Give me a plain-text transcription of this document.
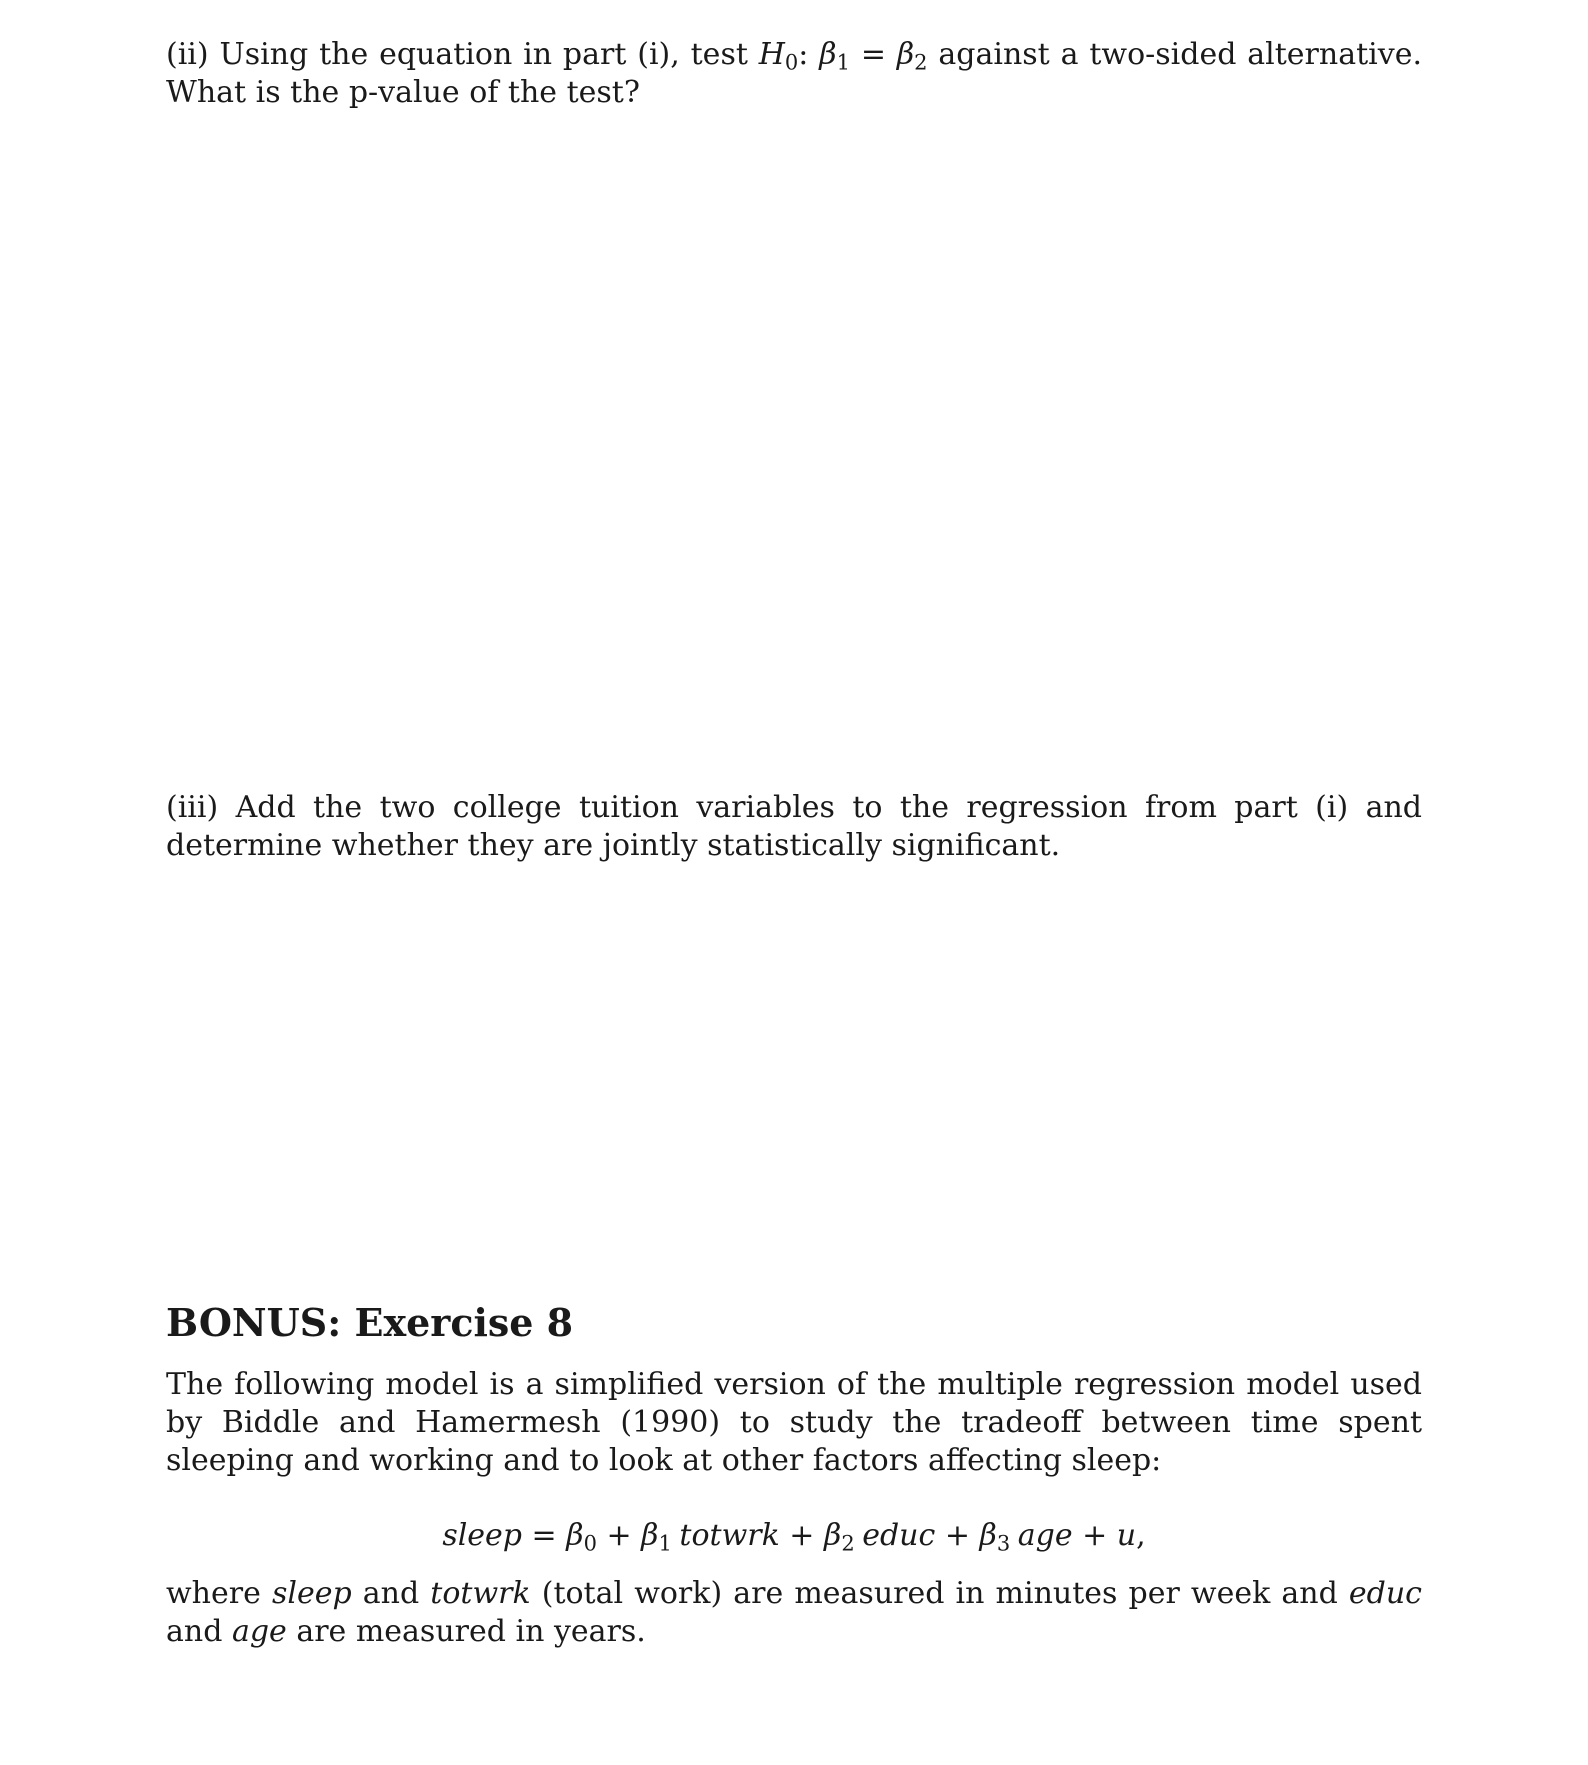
(ii) Using the equation in part (i), test $H_0$: $\beta_1 = \beta_2$ against a two-sided alternative. What is the p-value of the test?

(iii) Add the two college tuition variables to the regression from part (i) and determine whether they are jointly statistically significant.

BONUS: Exercise 8

The following model is a simplified version of the multiple regression model used by Biddle and Hamermesh (1990) to study the tradeoff between time spent sleeping and working and to look at other factors affecting sleep:

sleep = $\beta_0 + \beta_1$ totwrk + $\beta_2$ educ + $\beta_3$ age + u,

where sleep and totwrk (total work) are measured in minutes per week and educ and age are measured in years.
